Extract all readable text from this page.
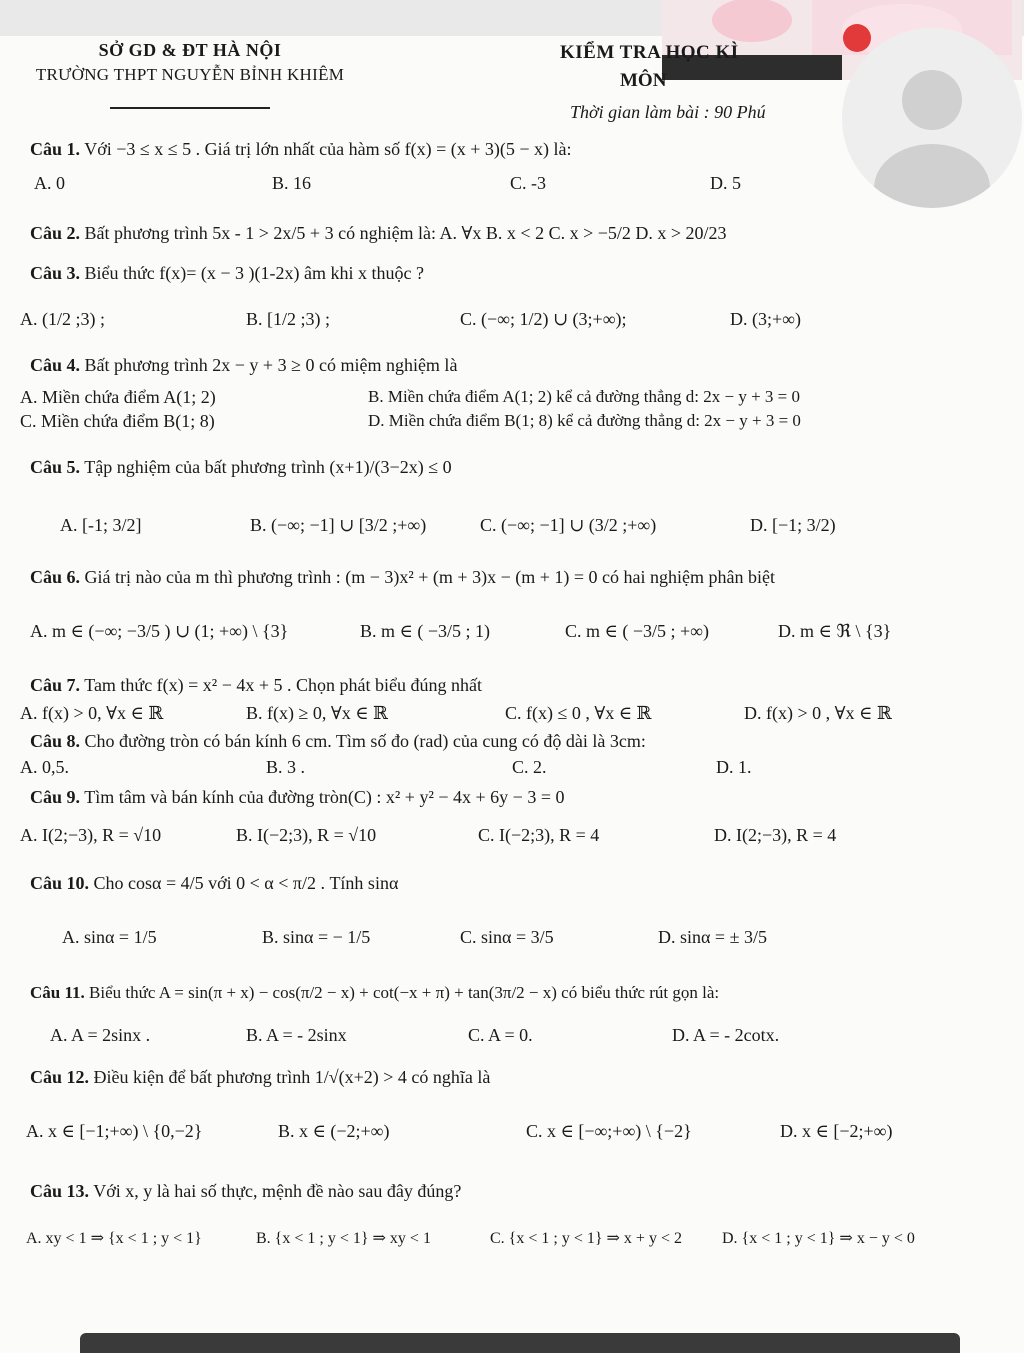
SỞ GD & ĐT HÀ NỘI
TRƯỜNG THPT NGUYỄN BỈNH KHIÊM
KIỂM TRA HỌC KÌ
MÔN
Thời gian làm bài : 90 Phú
Câu 1. Với −3 ≤ x ≤ 5 . Giá trị lớn nhất của hàm số f(x) = (x + 3)(5 − x) là:
A. 0	B. 16	C. -3	D. 5
Câu 2. Bất phương trình 5x - 1 > 2x/5 + 3 có nghiệm là: A. ∀x B. x < 2 C. x > −5/2 D. x > 20/23
Câu 3. Biểu thức f(x)= (x − 3 )(1-2x) âm khi x thuộc ?
A. (1/2 ;3) ;	B. [1/2 ;3) ;	C. (−∞; 1/2) ∪ (3;+∞);	D. (3;+∞)
Câu 4. Bất phương trình 2x − y + 3 ≥ 0 có miệm nghiệm là
A. Miền chứa điểm A(1; 2)	B. Miền chứa điểm A(1; 2) kể cả đường thẳng d: 2x − y + 3 = 0
C. Miền chứa điểm B(1; 8)	D. Miền chứa điểm B(1; 8) kể cả đường thẳng d: 2x − y + 3 = 0
Câu 5. Tập nghiệm của bất phương trình (x+1)/(3−2x) ≤ 0
A. [-1; 3/2]	B. (−∞; −1] ∪ [3/2 ;+∞)	C. (−∞; −1] ∪ (3/2 ;+∞)	D. [−1; 3/2)
Câu 6. Giá trị nào của m thì phương trình : (m − 3)x² + (m + 3)x − (m + 1) = 0 có hai nghiệm phân biệt
A. m ∈ (−∞; −3/5 ) ∪ (1; +∞) \ {3}	B. m ∈ ( −3/5 ; 1)	C. m ∈ ( −3/5 ; +∞)	D. m ∈ ℜ \ {3}
Câu 7. Tam thức f(x) = x² − 4x + 5 . Chọn phát biểu đúng nhất
A. f(x) > 0, ∀x ∈ ℝ	B. f(x) ≥ 0, ∀x ∈ ℝ	C. f(x) ≤ 0 , ∀x ∈ ℝ	D. f(x) > 0 , ∀x ∈ ℝ
Câu 8. Cho đường tròn có bán kính 6 cm. Tìm số đo (rad) của cung có độ dài là 3cm:
A. 0,5.	B. 3 .	C. 2.	D. 1.
Câu 9. Tìm tâm và bán kính của đường tròn(C) : x² + y² − 4x + 6y − 3 = 0
A. I(2;−3), R = √10	B. I(−2;3), R = √10	C. I(−2;3), R = 4	D. I(2;−3), R = 4
Câu 10. Cho cosα = 4/5 với 0 < α < π/2 . Tính sinα
A. sinα = 1/5	B. sinα = − 1/5	C. sinα = 3/5	D. sinα = ± 3/5
Câu 11. Biểu thức A = sin(π + x) − cos(π/2 − x) + cot(−x + π) + tan(3π/2 − x) có biểu thức rút gọn là:
A. A = 2sinx .	B. A = - 2sinx	C. A = 0.	D. A = - 2cotx.
Câu 12. Điều kiện để bất phương trình 1/√(x+2) > 4 có nghĩa là
A. x ∈ [−1;+∞) \ {0,−2}	B. x ∈ (−2;+∞)	C. x ∈ [−∞;+∞) \ {−2}	D. x ∈ [−2;+∞)
Câu 13. Với x, y là hai số thực, mệnh đề nào sau đây đúng?
A. xy < 1 ⇒ {x < 1 ; y < 1}	B. {x < 1 ; y < 1} ⇒ xy < 1	C. {x < 1 ; y < 1} ⇒ x + y < 2	D. {x < 1 ; y < 1} ⇒ x − y < 0
